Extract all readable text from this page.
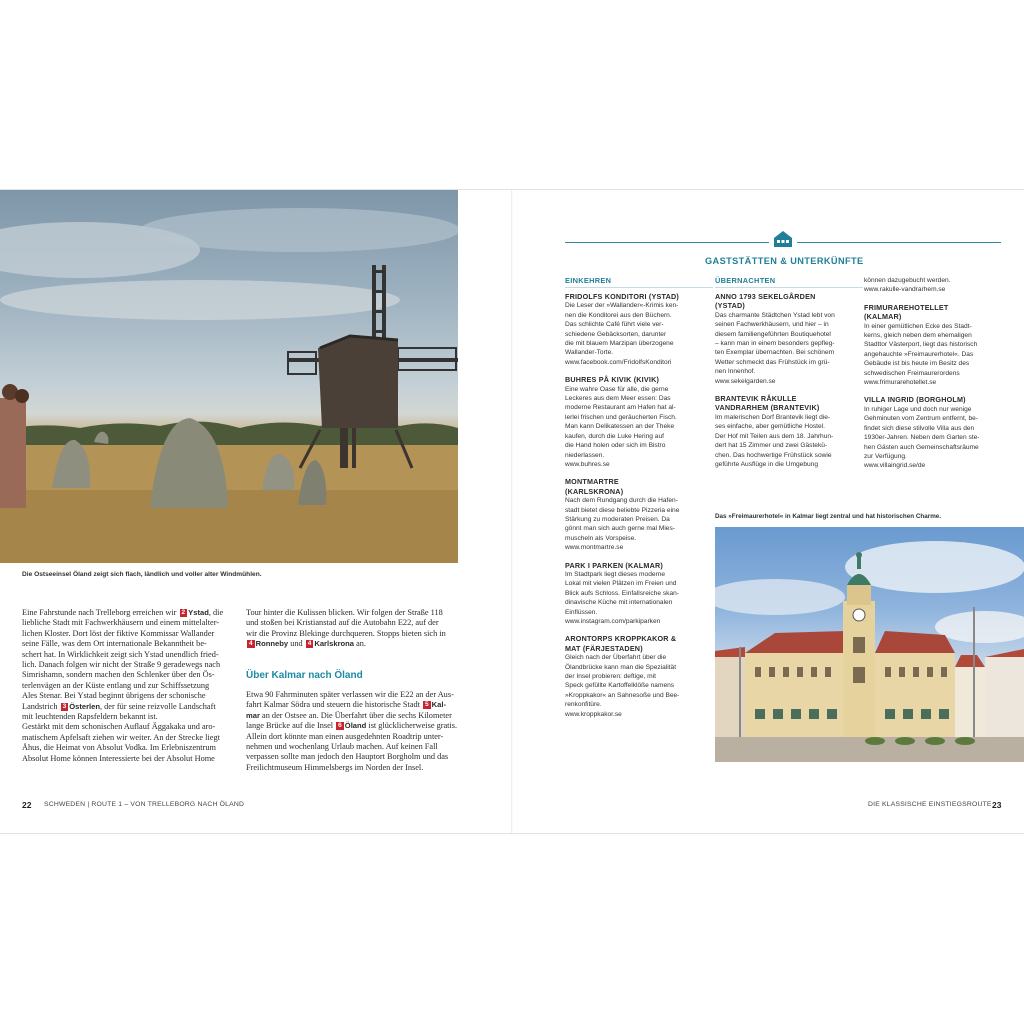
Die Ostseeinsel Öland zeigt sich flach, ländlich und voller alter Windmühlen.
Eine Fahrstunde nach Trelleborg erreichen wir 2 Ystad, die
liebliche Stadt mit Fachwerkhäusern und einem mittelalter-
lichen Kloster. Dort löst der fiktive Kommissar Wallander
seine Fälle, was dem Ort internationale Bekanntheit be-
schert hat. In Wirklichkeit zeigt sich Ystad unendlich fried-
lich. Danach folgen wir nicht der Straße 9 geradewegs nach
Simrishamn, sondern machen den Schlenker über den Ös-
terlenvägen an der Küste entlang und zur Schiffssetzung
Ales Stenar. Bei Ystad beginnt übrigens der schonische
Landstrich 3 Österlen, der für seine reizvolle Landschaft
mit leuchtenden Rapsfeldern bekannt ist.
Gestärkt mit dem schonischen Auflauf Äggakaka und aro-
matischem Apfelsaft ziehen wir weiter. An der Strecke liegt
Åhus, die Heimat von Absolut Vodka. Im Erlebniszentrum
Absolut Home können Interessierte bei der Absolut Home
Tour hinter die Kulissen blicken. Wir folgen der Straße 118
und stoßen bei Kristianstad auf die Autobahn E22, auf der
wir die Provinz Blekinge durchqueren. Stopps bieten sich in
4 Ronneby und 4 Karlskrona an.
Über Kalmar nach Öland
Etwa 90 Fahrminuten später verlassen wir die E22 an der Aus-
fahrt Kalmar Södra und steuern die historische Stadt 5 Kal-
mar an der Ostsee an. Die Überfahrt über die sechs Kilometer
lange Brücke auf die Insel 6 Öland ist glücklicherweise gratis.
Allein dort könnte man einen ausgedehnten Roadtrip unter-
nehmen und wochenlang Urlaub machen. Auf keinen Fall
verpassen sollte man jedoch den Hauptort Borgholm und das
Freilichtmuseum Himmelsbergs im Norden der Insel.
22 SCHWEDEN | ROUTE 1 – VON TRELLEBORG NACH ÖLAND
GASTSTÄTTEN & UNTERKÜNFTE
EINKEHREN
FRIDOLFS KONDITORI (YSTAD)
Die Leser der »Wallander«-Krimis ken-
nen die Konditorei aus den Büchern.
Das schlichte Café führt viele ver-
schiedene Gebäcksorten, darunter
die mit blauem Marzipan überzogene
Wallander-Torte.
www.facebook.com/FridolfsKonditori
BUHRES PÅ KIVIK (KIVIK)
Eine wahre Oase für alle, die gerne
Leckeres aus dem Meer essen: Das
moderne Restaurant am Hafen hat al-
lerlei frischen und geräucherten Fisch.
Man kann Delikatessen an der Theke
kaufen, durch die Luke Hering auf
die Hand holen oder sich im Bistro
niederlassen.
www.buhres.se
MONTMARTRE
(KARLSKRONA)
Nach dem Rundgang durch die Hafen-
stadt bietet diese beliebte Pizzeria eine
Stärkung zu moderaten Preisen. Da
gönnt man sich auch gerne mal Mies-
muscheln als Vorspeise.
www.montmartre.se
PARK I PARKEN (KALMAR)
Im Stadtpark liegt dieses moderne
Lokal mit vielen Plätzen im Freien und
Blick aufs Schloss. Einfallsreiche skan-
dinavische Küche mit internationalen
Einflüssen.
www.instagram.com/parkiparken
ARONTORPS KROPPKAKOR &
MAT (FÄRJESTADEN)
Gleich nach der Überfahrt über die
Ölandbrücke kann man die Spezialität
der Insel probieren: deftige, mit
Speck gefüllte Kartoffelklöße namens
»Kroppkakor« an Sahnesoße und Bee-
renkonfitüre.
www.kroppkakor.se
ÜBERNACHTEN
ANNO 1793 SEKELGÅRDEN
(YSTAD)
Das charmante Städtchen Ystad lebt von
seinen Fachwerkhäusern, und hier – in
diesem familiengeführten Boutiquehotel
– kann man in einem besonders gepfleg-
ten Exemplar übernachten. Bei schönem
Wetter schmeckt das Frühstück im grü-
nen Innenhof.
www.sekelgarden.se
BRANTEVIK RÅKULLE
VANDRARHEM (BRANTEVIK)
Im malerischen Dorf Brantevik liegt die-
ses einfache, aber gemütliche Hostel.
Der Hof mit Teilen aus dem 18. Jahrhun-
dert hat 15 Zimmer und zwei Gästekü-
chen. Das hochwertige Frühstück sowie
geführte Ausflüge in die Umgebung
können dazugebucht werden.
www.rakulle-vandrarhem.se
FRIMURAREHOTELLET
(KALMAR)
In einer gemütlichen Ecke des Stadt-
kerns, gleich neben dem ehemaligen
Stadttor Västerport, liegt das historisch
angehauchte »Freimaurerhotel«. Das
Gebäude ist bis heute im Besitz des
schwedischen Freimaurerordens
www.frimurarehotellet.se
VILLA INGRID (BORGHOLM)
In ruhiger Lage und doch nur wenige
Gehminuten vom Zentrum entfernt, be-
findet sich diese stilvolle Villa aus den
1930er-Jahren. Neben dem Garten ste-
hen Gästen auch Gemeinschaftsräume
zur Verfügung.
www.villaingrid.se/de
Das »Freimaurerhotel« in Kalmar liegt zentral und hat historischen Charme.
DIE KLASSISCHE EINSTIEGSROUTE 23
